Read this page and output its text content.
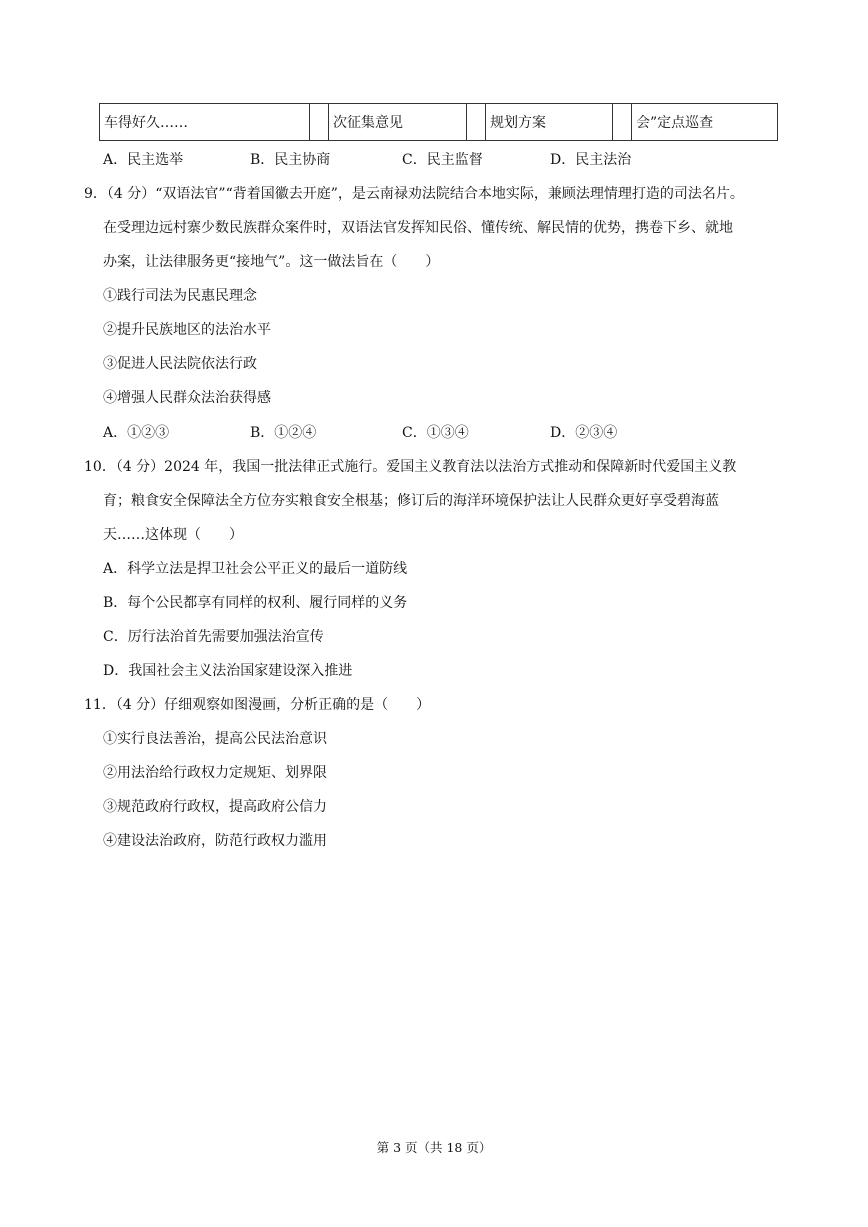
车得好久……		次征集意见		规划方案		会”定点巡查
A．民主选举	B．民主协商	C．民主监督	D．民主法治
9．（4 分）“双语法官”“背着国徽去开庭”，是云南禄劝法院结合本地实际，兼顾法理情理打造的司法名片。
在受理边远村寨少数民族群众案件时，双语法官发挥知民俗、懂传统、解民情的优势，携卷下乡、就地
办案，让法律服务更“接地气”。这一做法旨在（　　）
①践行司法为民惠民理念
②提升民族地区的法治水平
③促进人民法院依法行政
④增强人民群众法治获得感
A．①②③	B．①②④	C．①③④	D．②③④
10．（4 分）2024 年，我国一批法律正式施行。爱国主义教育法以法治方式推动和保障新时代爱国主义教
育；粮食安全保障法全方位夯实粮食安全根基；修订后的海洋环境保护法让人民群众更好享受碧海蓝
天……这体现（　　）
A．科学立法是捍卫社会公平正义的最后一道防线
B．每个公民都享有同样的权利、履行同样的义务
C．厉行法治首先需要加强法治宣传
D．我国社会主义法治国家建设深入推进
11．（4 分）仔细观察如图漫画，分析正确的是（　　）
①实行良法善治，提高公民法治意识
②用法治给行政权力定规矩、划界限
③规范政府行政权，提高政府公信力
④建设法治政府，防范行政权力滥用
第 3 页（共 18 页）
